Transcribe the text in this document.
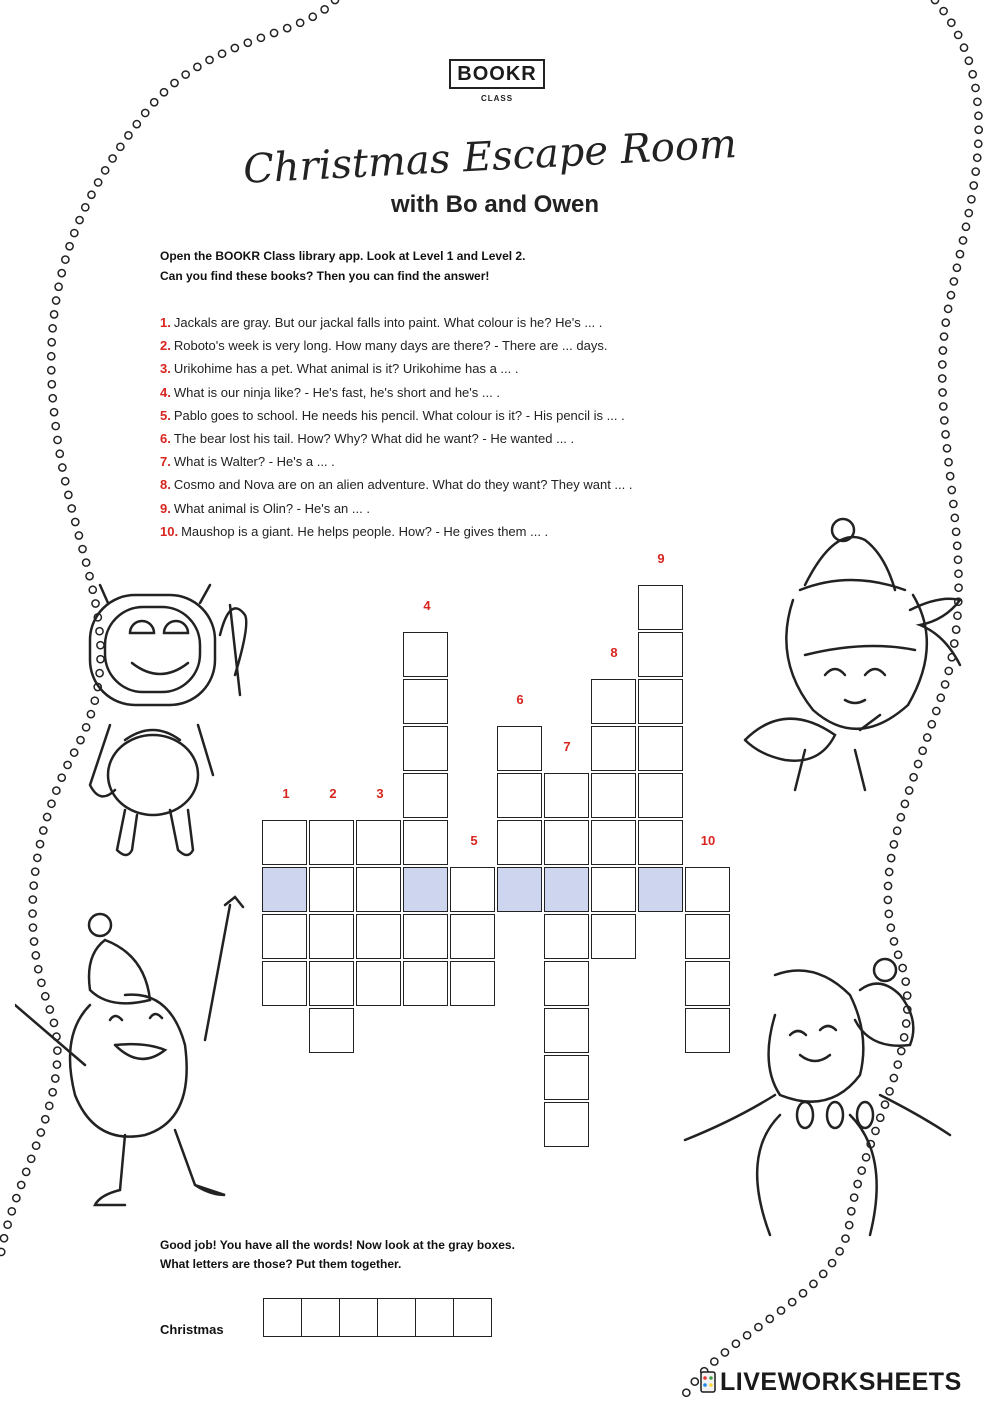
BOOKR
CLASS
Christmas Escape Room
with Bo and Owen
Open the BOOKR Class library app. Look at Level 1 and Level 2.
Can you find these books? Then you can find the answer!
1. Jackals are gray. But our jackal falls into paint. What colour is he? He's ... .
2. Roboto's week is very long. How many days are there? - There are ... days.
3. Urikohime has a pet. What animal is it? Urikohime has a ... .
4. What is our ninja like? - He's fast, he's short and he's ... .
5. Pablo goes to school. He needs his pencil. What colour is it? - His pencil is ... .
6. The bear lost his tail. How? Why? What did he want? - He wanted ... .
7. What is Walter? - He's a ... .
8. Cosmo and Nova are on an alien adventure. What do they want? They want ... .
9. What animal is Olin? - He's an ... .
10. Maushop is a giant. He helps people. How? - He gives them ... .
1	2	3
4
5
6
7
8
9
10
Good job! You have all the words! Now look at the gray boxes.
What letters are those? Put them together.
Christmas
LIVEWORKSHEETS
